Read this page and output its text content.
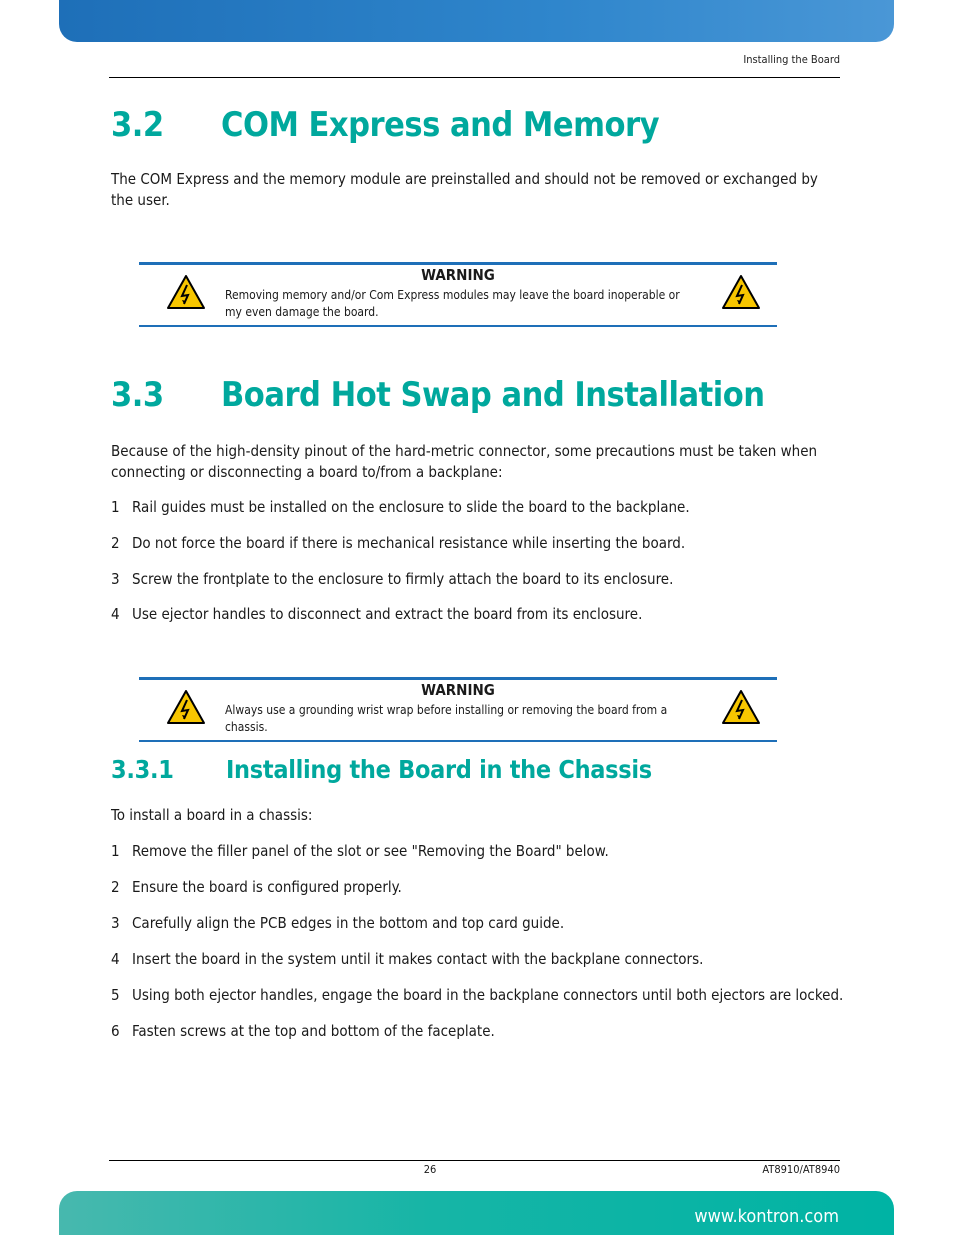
Installing the Board
3.2 COM Express and Memory

The COM Express and the memory module are preinstalled and should not be removed or exchanged by the user.

WARNING
Removing memory and/or Com Express modules may leave the board inoperable or my even damage the board.
3.3 Board Hot Swap and Installation

Because of the high-density pinout of the hard-metric connector, some precautions must be taken when connecting or disconnecting a board to/from a backplane:

1 Rail guides must be installed on the enclosure to slide the board to the backplane.
2 Do not force the board if there is mechanical resistance while inserting the board.
3 Screw the frontplate to the enclosure to firmly attach the board to its enclosure.
4 Use ejector handles to disconnect and extract the board from its enclosure.
WARNING
Always use a grounding wrist wrap before installing or removing the board from a chassis.
3.3.1 Installing the Board in the Chassis

To install a board in a chassis:

1 Remove the filler panel of the slot or see "Removing the Board" below.
2 Ensure the board is configured properly.
3 Carefully align the PCB edges in the bottom and top card guide.
4 Insert the board in the system until it makes contact with the backplane connectors.
5 Using both ejector handles, engage the board in the backplane connectors until both ejectors are locked.
6 Fasten screws at the top and bottom of the faceplate.
26	AT8910/AT8940
www.kontron.com
